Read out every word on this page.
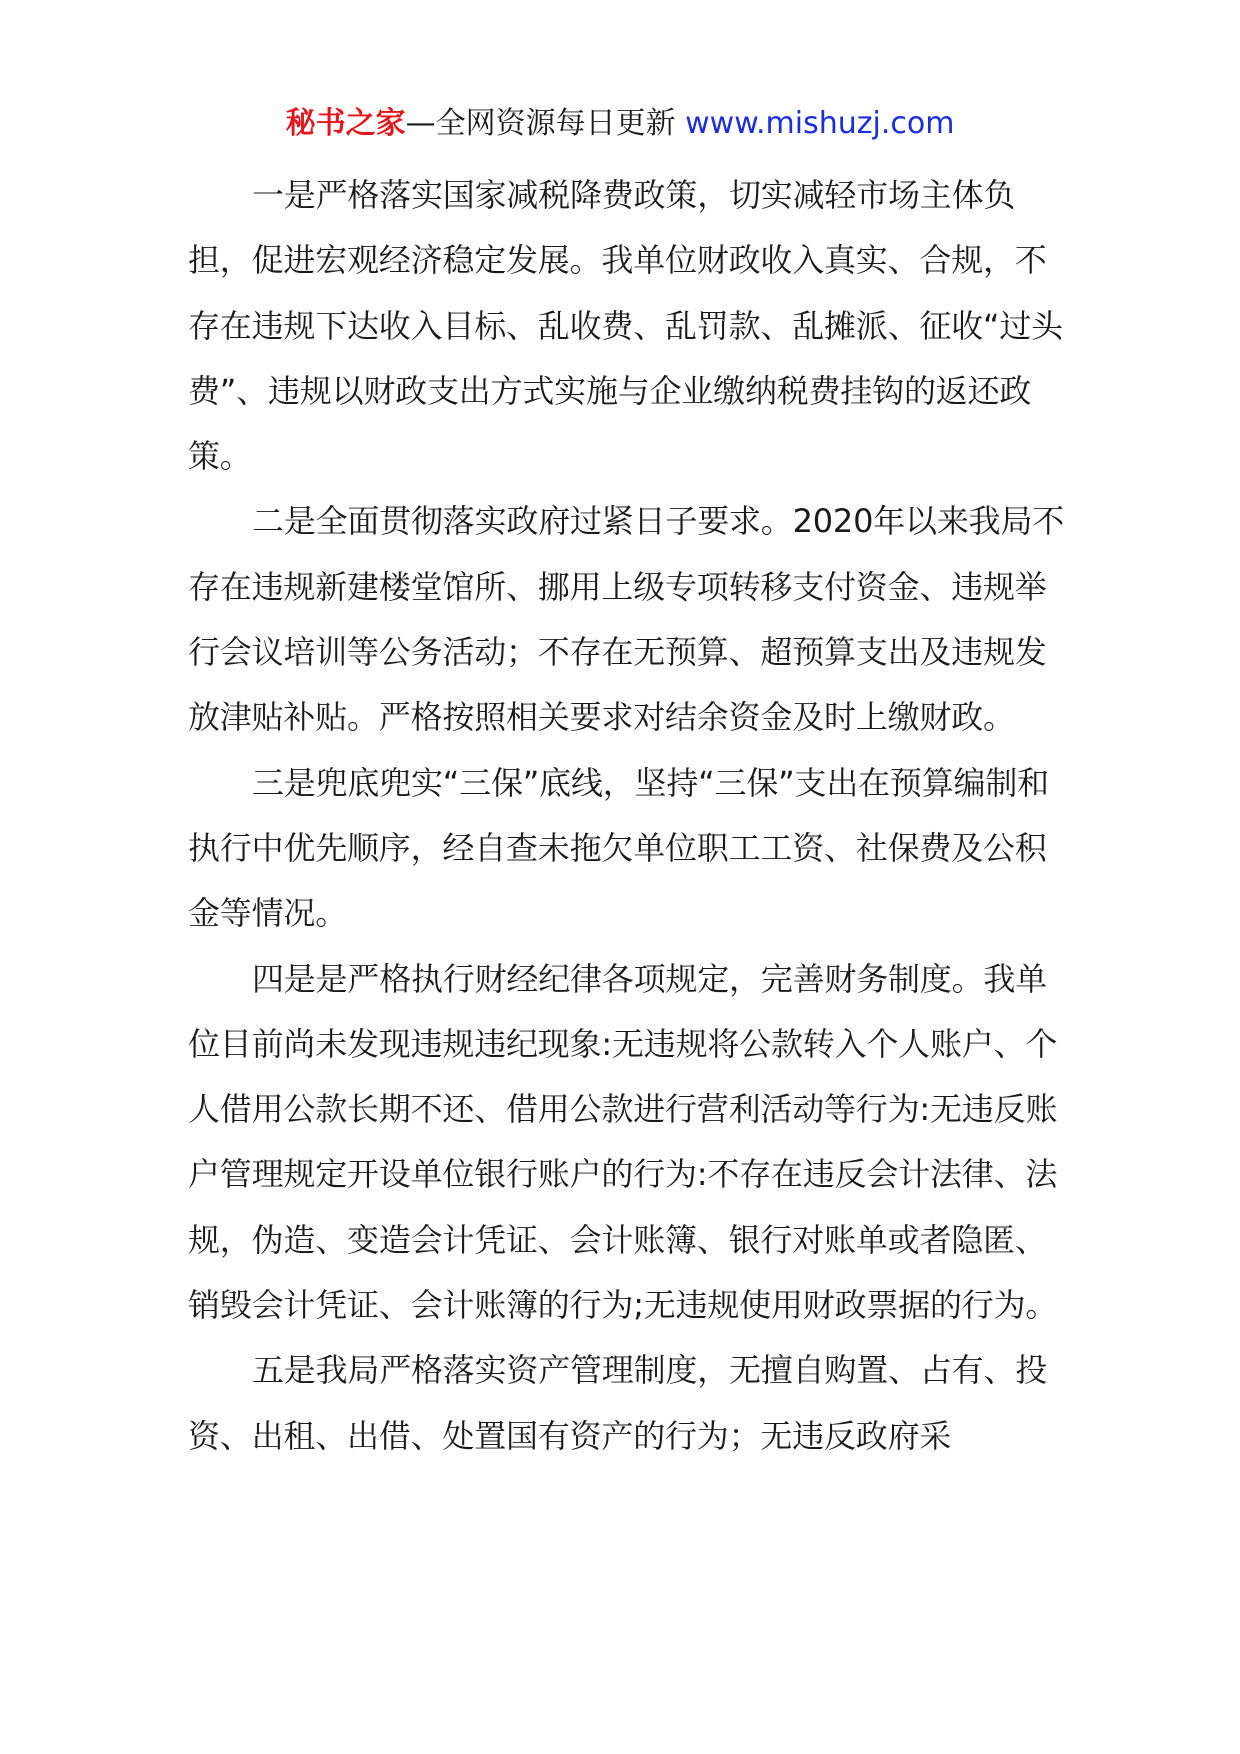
秘书之家—全网资源每日更新 www.mishuzj.com

一是严格落实国家减税降费政策，切实减轻市场主体负担，促进宏观经济稳定发展。我单位财政收入真实、合规，不存在违规下达收入目标、乱收费、乱罚款、乱摊派、征收“过头费”、违规以财政支出方式实施与企业缴纳税费挂钩的返还政策。

二是全面贯彻落实政府过紧日子要求。2020年以来我局不存在违规新建楼堂馆所、挪用上级专项转移支付资金、违规举行会议培训等公务活动；不存在无预算、超预算支出及违规发放津贴补贴。严格按照相关要求对结余资金及时上缴财政。

三是兜底兜实“三保”底线，坚持“三保”支出在预算编制和执行中优先顺序，经自查未拖欠单位职工工资、社保费及公积金等情况。

四是是严格执行财经纪律各项规定，完善财务制度。我单位目前尚未发现违规违纪现象:无违规将公款转入个人账户、个人借用公款长期不还、借用公款进行营利活动等行为:无违反账户管理规定开设单位银行账户的行为:不存在违反会计法律、法规，伪造、变造会计凭证、会计账簿、银行对账单或者隐匿、销毁会计凭证、会计账簿的行为;无违规使用财政票据的行为。

五是我局严格落实资产管理制度，无擅自购置、占有、投资、出租、出借、处置国有资产的行为；无违反政府采
